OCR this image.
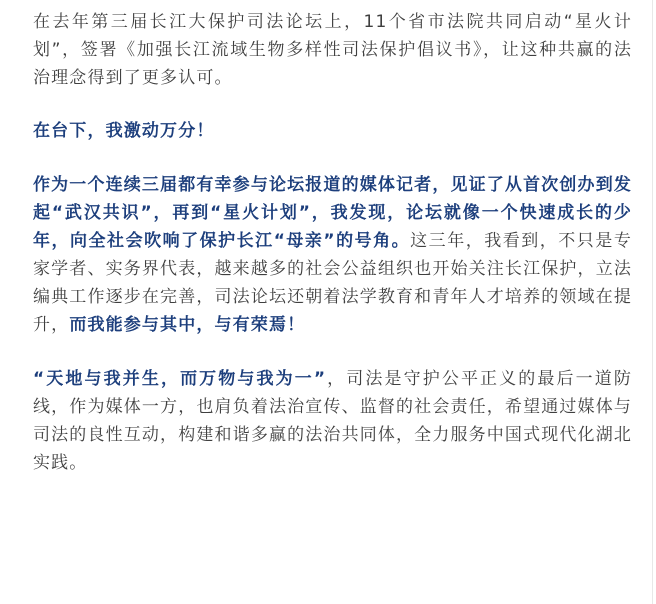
在去年第三届长江大保护司法论坛上，11个省市法院共同启动“星火计划”，签署《加强长江流域生物多样性司法保护倡议书》，让这种共赢的法治理念得到了更多认可。

在台下，我激动万分！

作为一个连续三届都有幸参与论坛报道的媒体记者，见证了从首次创办到发起“武汉共识”，再到“星火计划”，我发现，论坛就像一个快速成长的少年，向全社会吹响了保护长江“母亲”的号角。这三年，我看到，不只是专家学者、实务界代表，越来越多的社会公益组织也开始关注长江保护，立法编典工作逐步在完善，司法论坛还朝着法学教育和青年人才培养的领域在提升，而我能参与其中，与有荣焉！

“天地与我并生，而万物与我为一”，司法是守护公平正义的最后一道防线，作为媒体一方，也肩负着法治宣传、监督的社会责任，希望通过媒体与司法的良性互动，构建和谐多赢的法治共同体，全力服务中国式现代化湖北实践。
